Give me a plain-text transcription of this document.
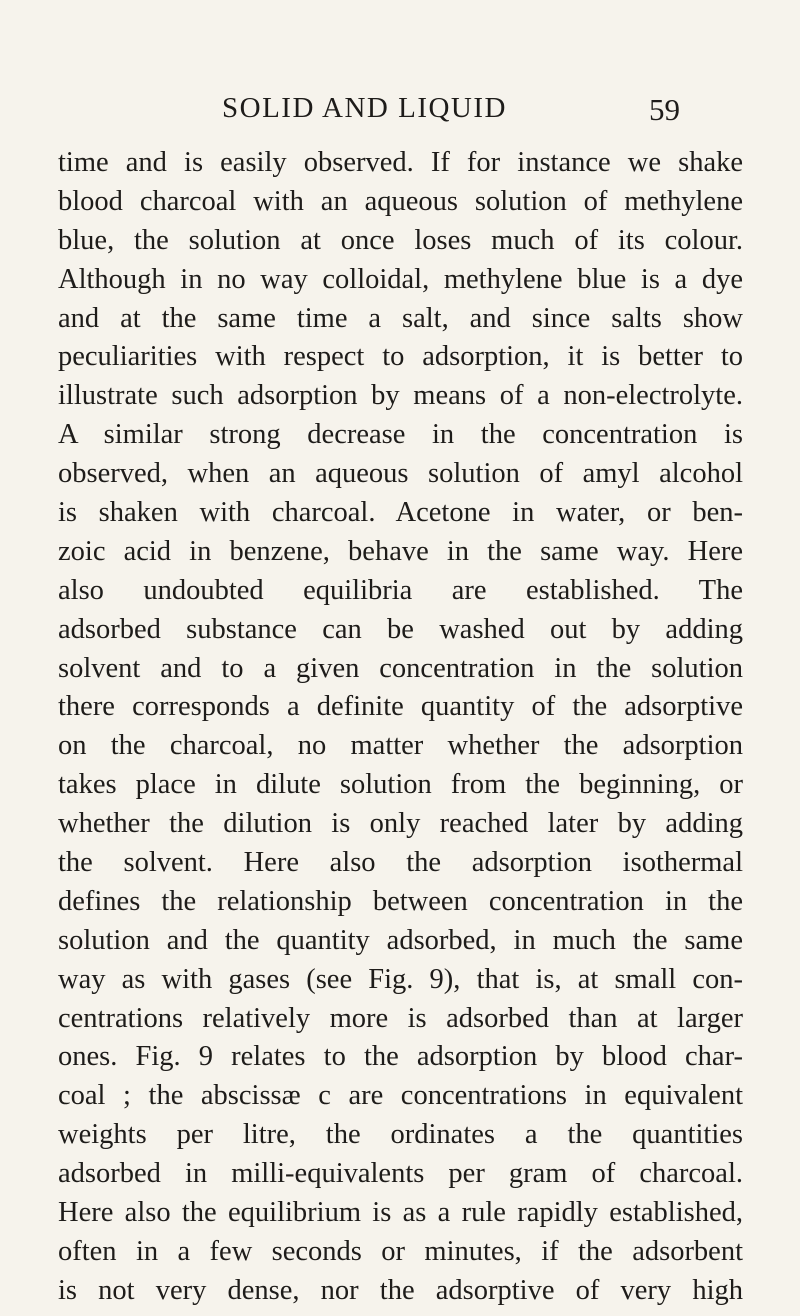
SOLID AND LIQUID	59
time and is easily observed. If for instance we shake
blood charcoal with an aqueous solution of methylene
blue, the solution at once loses much of its colour.
Although in no way colloidal, methylene blue is a dye
and at the same time a salt, and since salts show
peculiarities with respect to adsorption, it is better to
illustrate such adsorption by means of a non-electrolyte.
A similar strong decrease in the concentration is
observed, when an aqueous solution of amyl alcohol
is shaken with charcoal. Acetone in water, or ben-
zoic acid in benzene, behave in the same way. Here
also undoubted equilibria are established. The
adsorbed substance can be washed out by adding
solvent and to a given concentration in the solution
there corresponds a definite quantity of the adsorptive
on the charcoal, no matter whether the adsorption
takes place in dilute solution from the beginning, or
whether the dilution is only reached later by adding
the solvent. Here also the adsorption isothermal
defines the relationship between concentration in the
solution and the quantity adsorbed, in much the same
way as with gases (see Fig. 9), that is, at small con-
centrations relatively more is adsorbed than at larger
ones. Fig. 9 relates to the adsorption by blood char-
coal ; the abscissæ c are concentrations in equivalent
weights per litre, the ordinates a the quantities
adsorbed in milli-equivalents per gram of charcoal.
Here also the equilibrium is as a rule rapidly established,
often in a few seconds or minutes, if the adsorbent
is not very dense, nor the adsorptive of very high
